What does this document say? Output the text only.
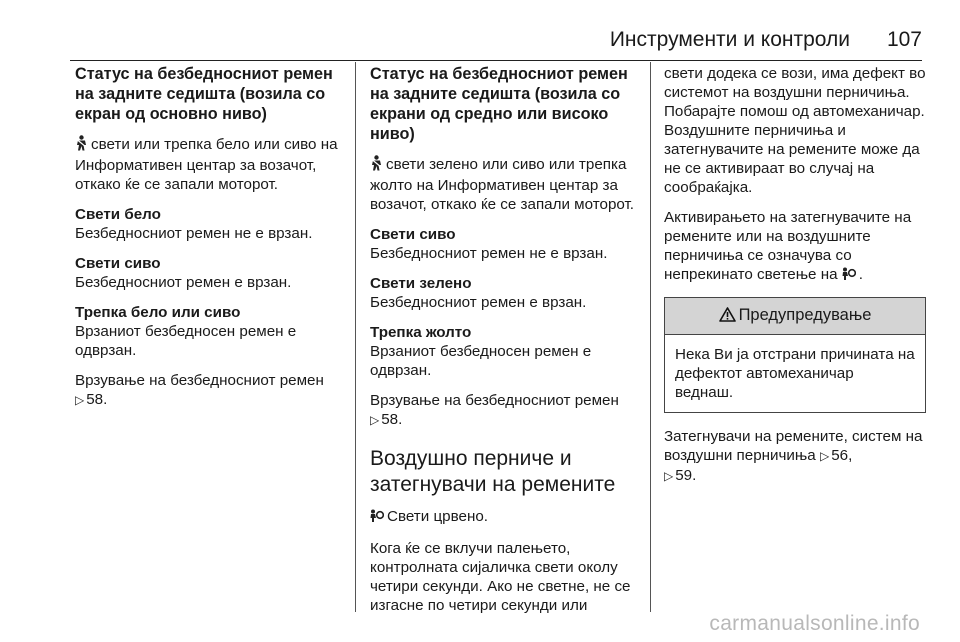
Инструменти и контроли 107
Статус на безбедносниот ремен на задните седишта (возила со екран од основно ниво)

свети или трепка бело или сиво на Информативен центар за возачот, откако ќе се запали моторот.

Свети бело

Безбедносниот ремен не е врзан.

Свети сиво

Безбедносниот ремен е врзан.

Трепка бело или сиво

Врзаниот безбедносен ремен е одврзан.

Врзување на безбедносниот ремен ▷ 58.

Статус на безбедносниот ремен на задните седишта (возила со екрани од средно или високо ниво)

свети зелено или сиво или трепка жолто на Информативен центар за возачот, откако ќе се запали моторот.

Свети сиво

Безбедносниот ремен не е врзан.

Свети зелено

Безбедносниот ремен е врзан.

Трепка жолто

Врзаниот безбедносен ремен е одврзан.

Врзување на безбедносниот ремен ▷ 58.

Воздушно перниче и затегнувачи на ремените

Свети црвено.

Кога ќе се вклучи палењето, контролната сијаличка свети околу четири секунди. Ако не светне, не се изгасне по четири секунди или

свети додека се вози, има дефект во системот на воздушни перничиња. Побарајте помош од автомеханичар. Воздушните перничиња и затегнувачите на ремените може да не се активираат во случај на сообраќајка.

Активирањето на затегнувачите на ремените или на воздушните перничиња се означува со непрекинато светење на .

Предупредување
Нека Ви ја отстрани причината на дефектот автомеханичар веднаш.

Затегнувачи на ремените, систем на воздушни перничиња ▷ 56,
▷ 59.

carmanualsonline.info
